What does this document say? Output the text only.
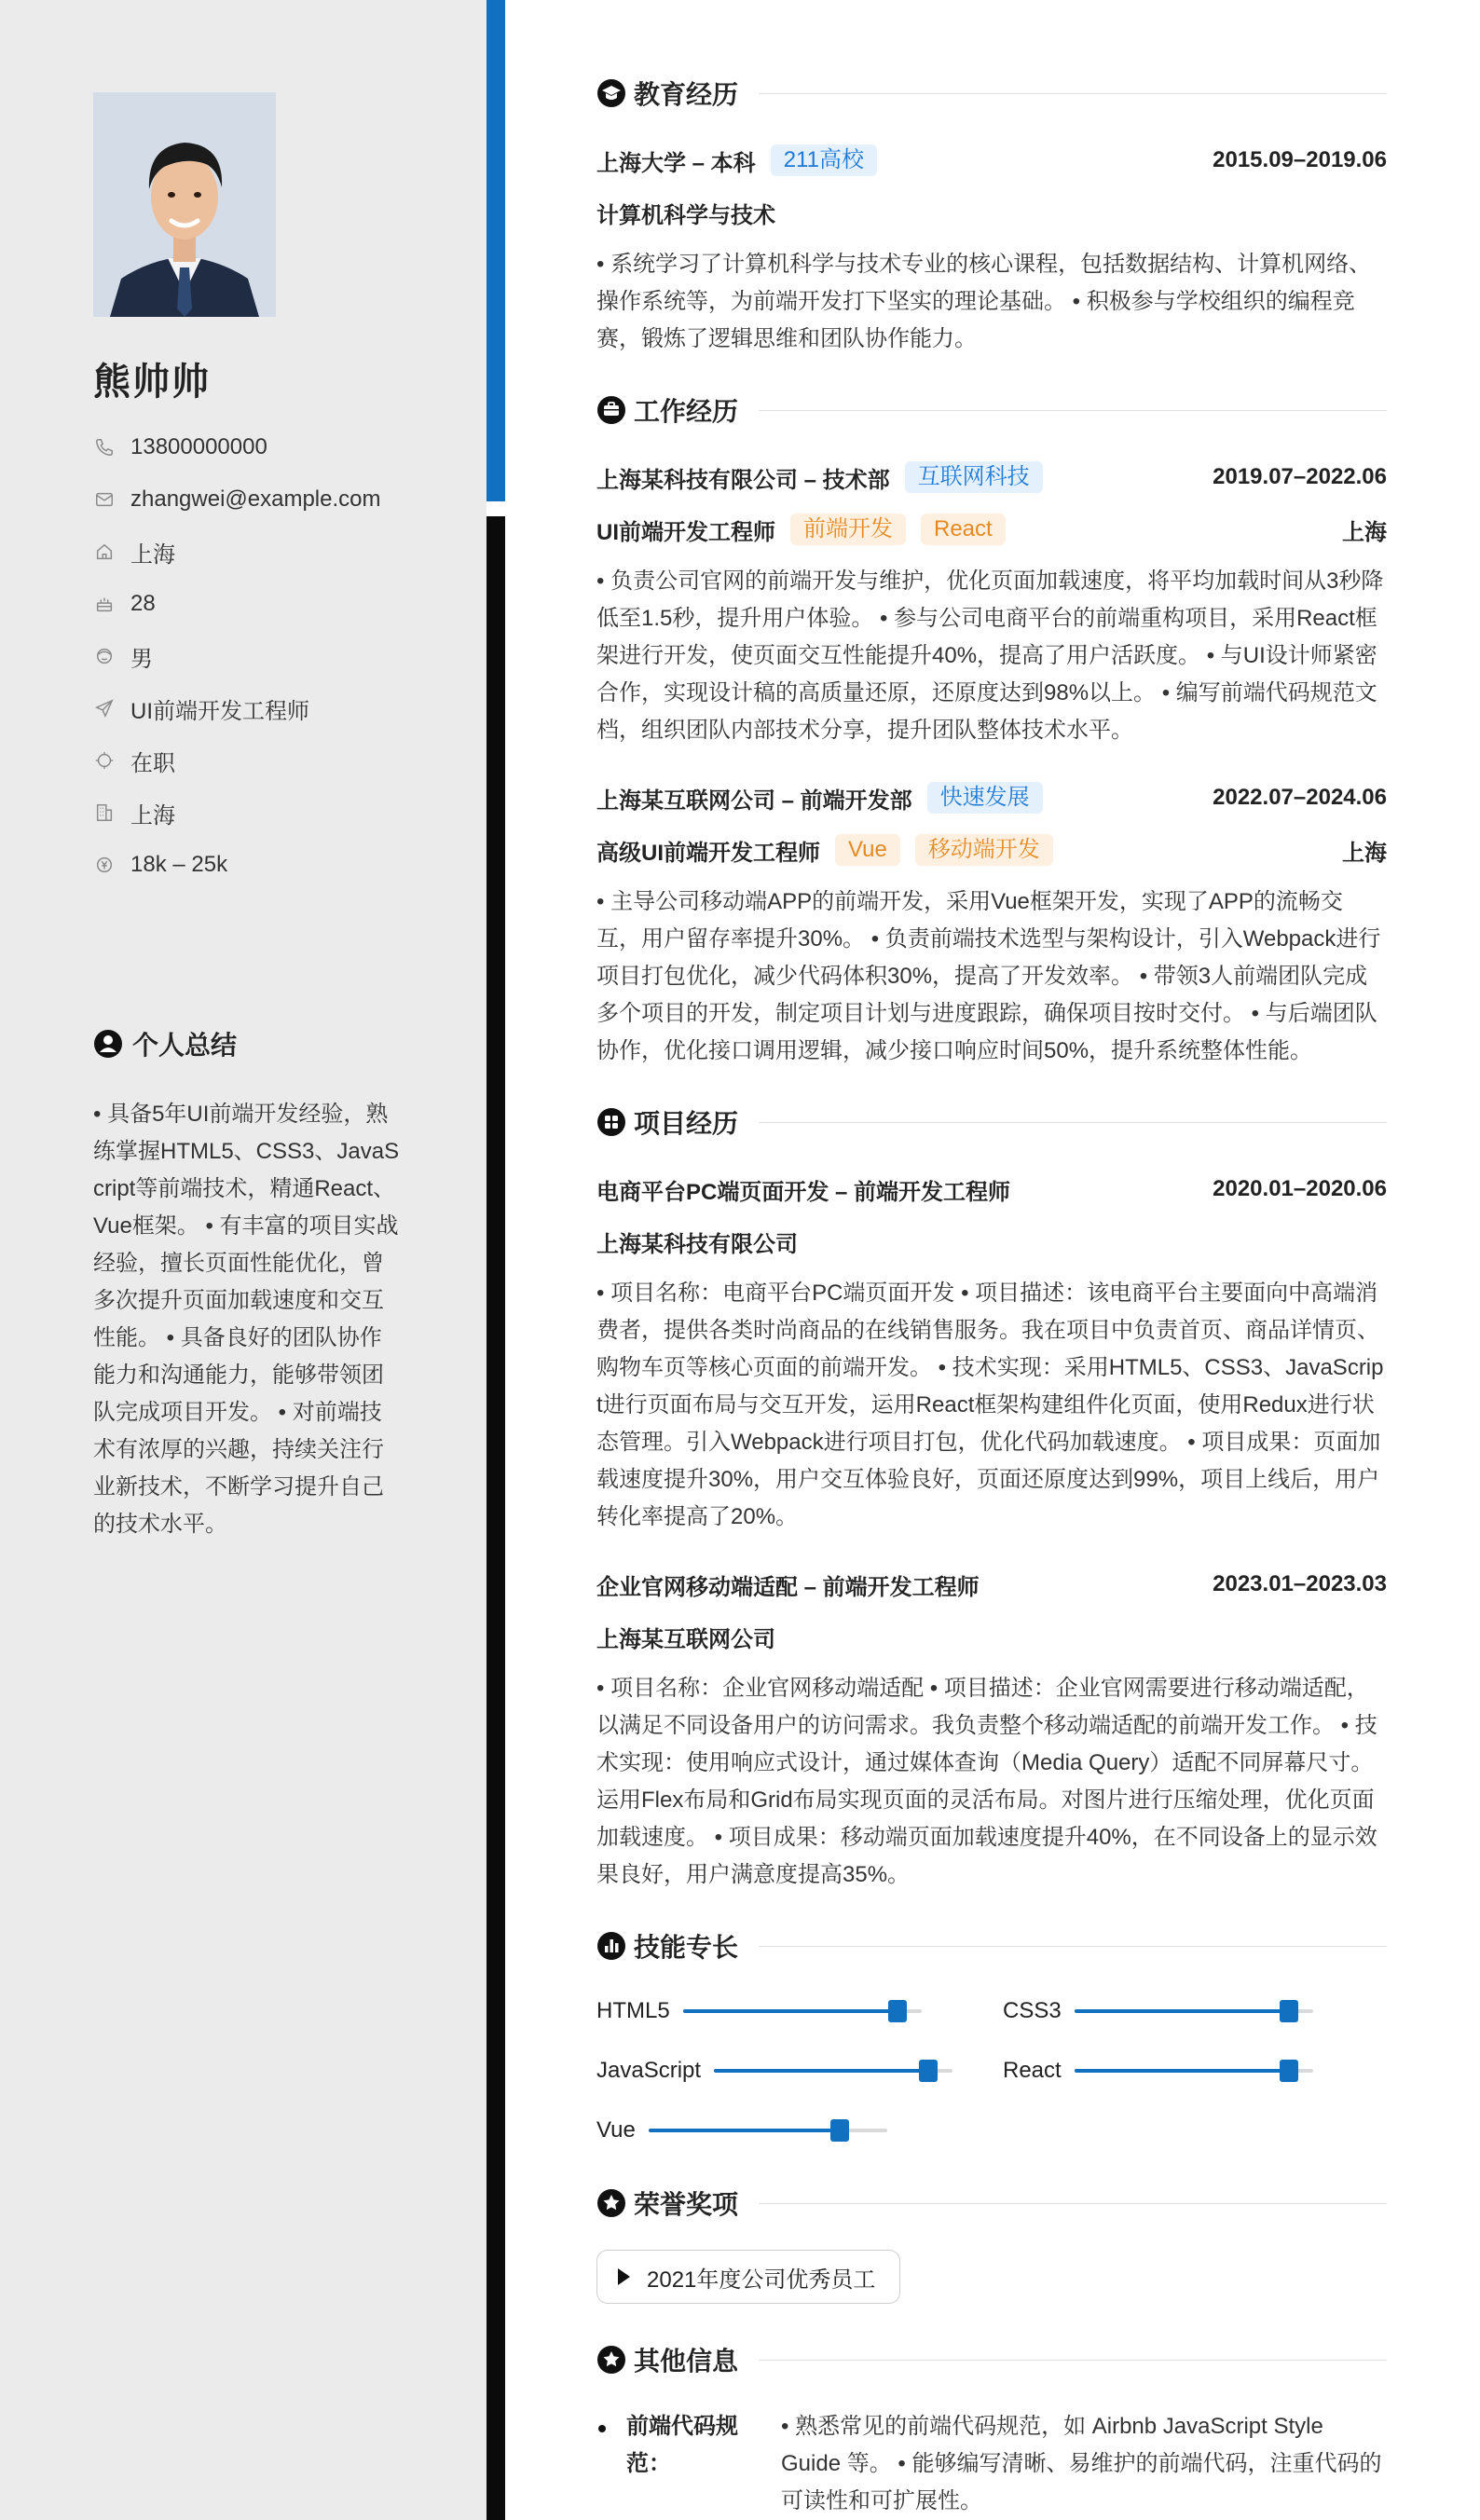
熊帅帅
13800000000
zhangwei@example.com
上海
28
男
UI前端开发工程师
在职
上海
18k – 25k
个人总结
• 具备5年UI前端开发经验，熟练掌握HTML5、CSS3、JavaScript等前端技术，精通React、Vue框架。 • 有丰富的项目实战经验，擅长页面性能优化，曾多次提升页面加载速度和交互性能。 • 具备良好的团队协作能力和沟通能力，能够带领团队完成项目开发。 • 对前端技术有浓厚的兴趣，持续关注行业新技术，不断学习提升自己的技术水平。
教育经历
上海大学 – 本科	211高校	2015.09–2019.06
计算机科学与技术
• 系统学习了计算机科学与技术专业的核心课程，包括数据结构、计算机网络、操作系统等，为前端开发打下坚实的理论基础。 • 积极参与学校组织的编程竞赛，锻炼了逻辑思维和团队协作能力。
工作经历
上海某科技有限公司 – 技术部	互联网科技	2019.07–2022.06
UI前端开发工程师	前端开发	React	上海
• 负责公司官网的前端开发与维护，优化页面加载速度，将平均加载时间从3秒降低至1.5秒，提升用户体验。 • 参与公司电商平台的前端重构项目，采用React框架进行开发，使页面交互性能提升40%，提高了用户活跃度。 • 与UI设计师紧密合作，实现设计稿的高质量还原，还原度达到98%以上。 • 编写前端代码规范文档，组织团队内部技术分享，提升团队整体技术水平。
上海某互联网公司 – 前端开发部	快速发展	2022.07–2024.06
高级UI前端开发工程师	Vue	移动端开发	上海
• 主导公司移动端APP的前端开发，采用Vue框架开发，实现了APP的流畅交互，用户留存率提升30%。 • 负责前端技术选型与架构设计，引入Webpack进行项目打包优化，减少代码体积30%，提高了开发效率。 • 带领3人前端团队完成多个项目的开发，制定项目计划与进度跟踪，确保项目按时交付。 • 与后端团队协作，优化接口调用逻辑，减少接口响应时间50%，提升系统整体性能。
项目经历
电商平台PC端页面开发 – 前端开发工程师	2020.01–2020.06
上海某科技有限公司
• 项目名称：电商平台PC端页面开发 • 项目描述：该电商平台主要面向中高端消费者，提供各类时尚商品的在线销售服务。我在项目中负责首页、商品详情页、购物车页等核心页面的前端开发。 • 技术实现：采用HTML5、CSS3、JavaScript进行页面布局与交互开发，运用React框架构建组件化页面，使用Redux进行状态管理。引入Webpack进行项目打包，优化代码加载速度。 • 项目成果：页面加载速度提升30%，用户交互体验良好，页面还原度达到99%，项目上线后，用户转化率提高了20%。
企业官网移动端适配 – 前端开发工程师	2023.01–2023.03
上海某互联网公司
• 项目名称：企业官网移动端适配 • 项目描述：企业官网需要进行移动端适配，以满足不同设备用户的访问需求。我负责整个移动端适配的前端开发工作。 • 技术实现：使用响应式设计，通过媒体查询（Media Query）适配不同屏幕尺寸。运用Flex布局和Grid布局实现页面的灵活布局。对图片进行压缩处理，优化页面加载速度。 • 项目成果：移动端页面加载速度提升40%，在不同设备上的显示效果良好，用户满意度提高35%。
技能专长
HTML5	CSS3
JavaScript	React
Vue
荣誉奖项
2021年度公司优秀员工
其他信息
前端代码规范：
• 熟悉常见的前端代码规范，如 Airbnb JavaScript Style Guide 等。 • 能够编写清晰、易维护的前端代码，注重代码的可读性和可扩展性。
